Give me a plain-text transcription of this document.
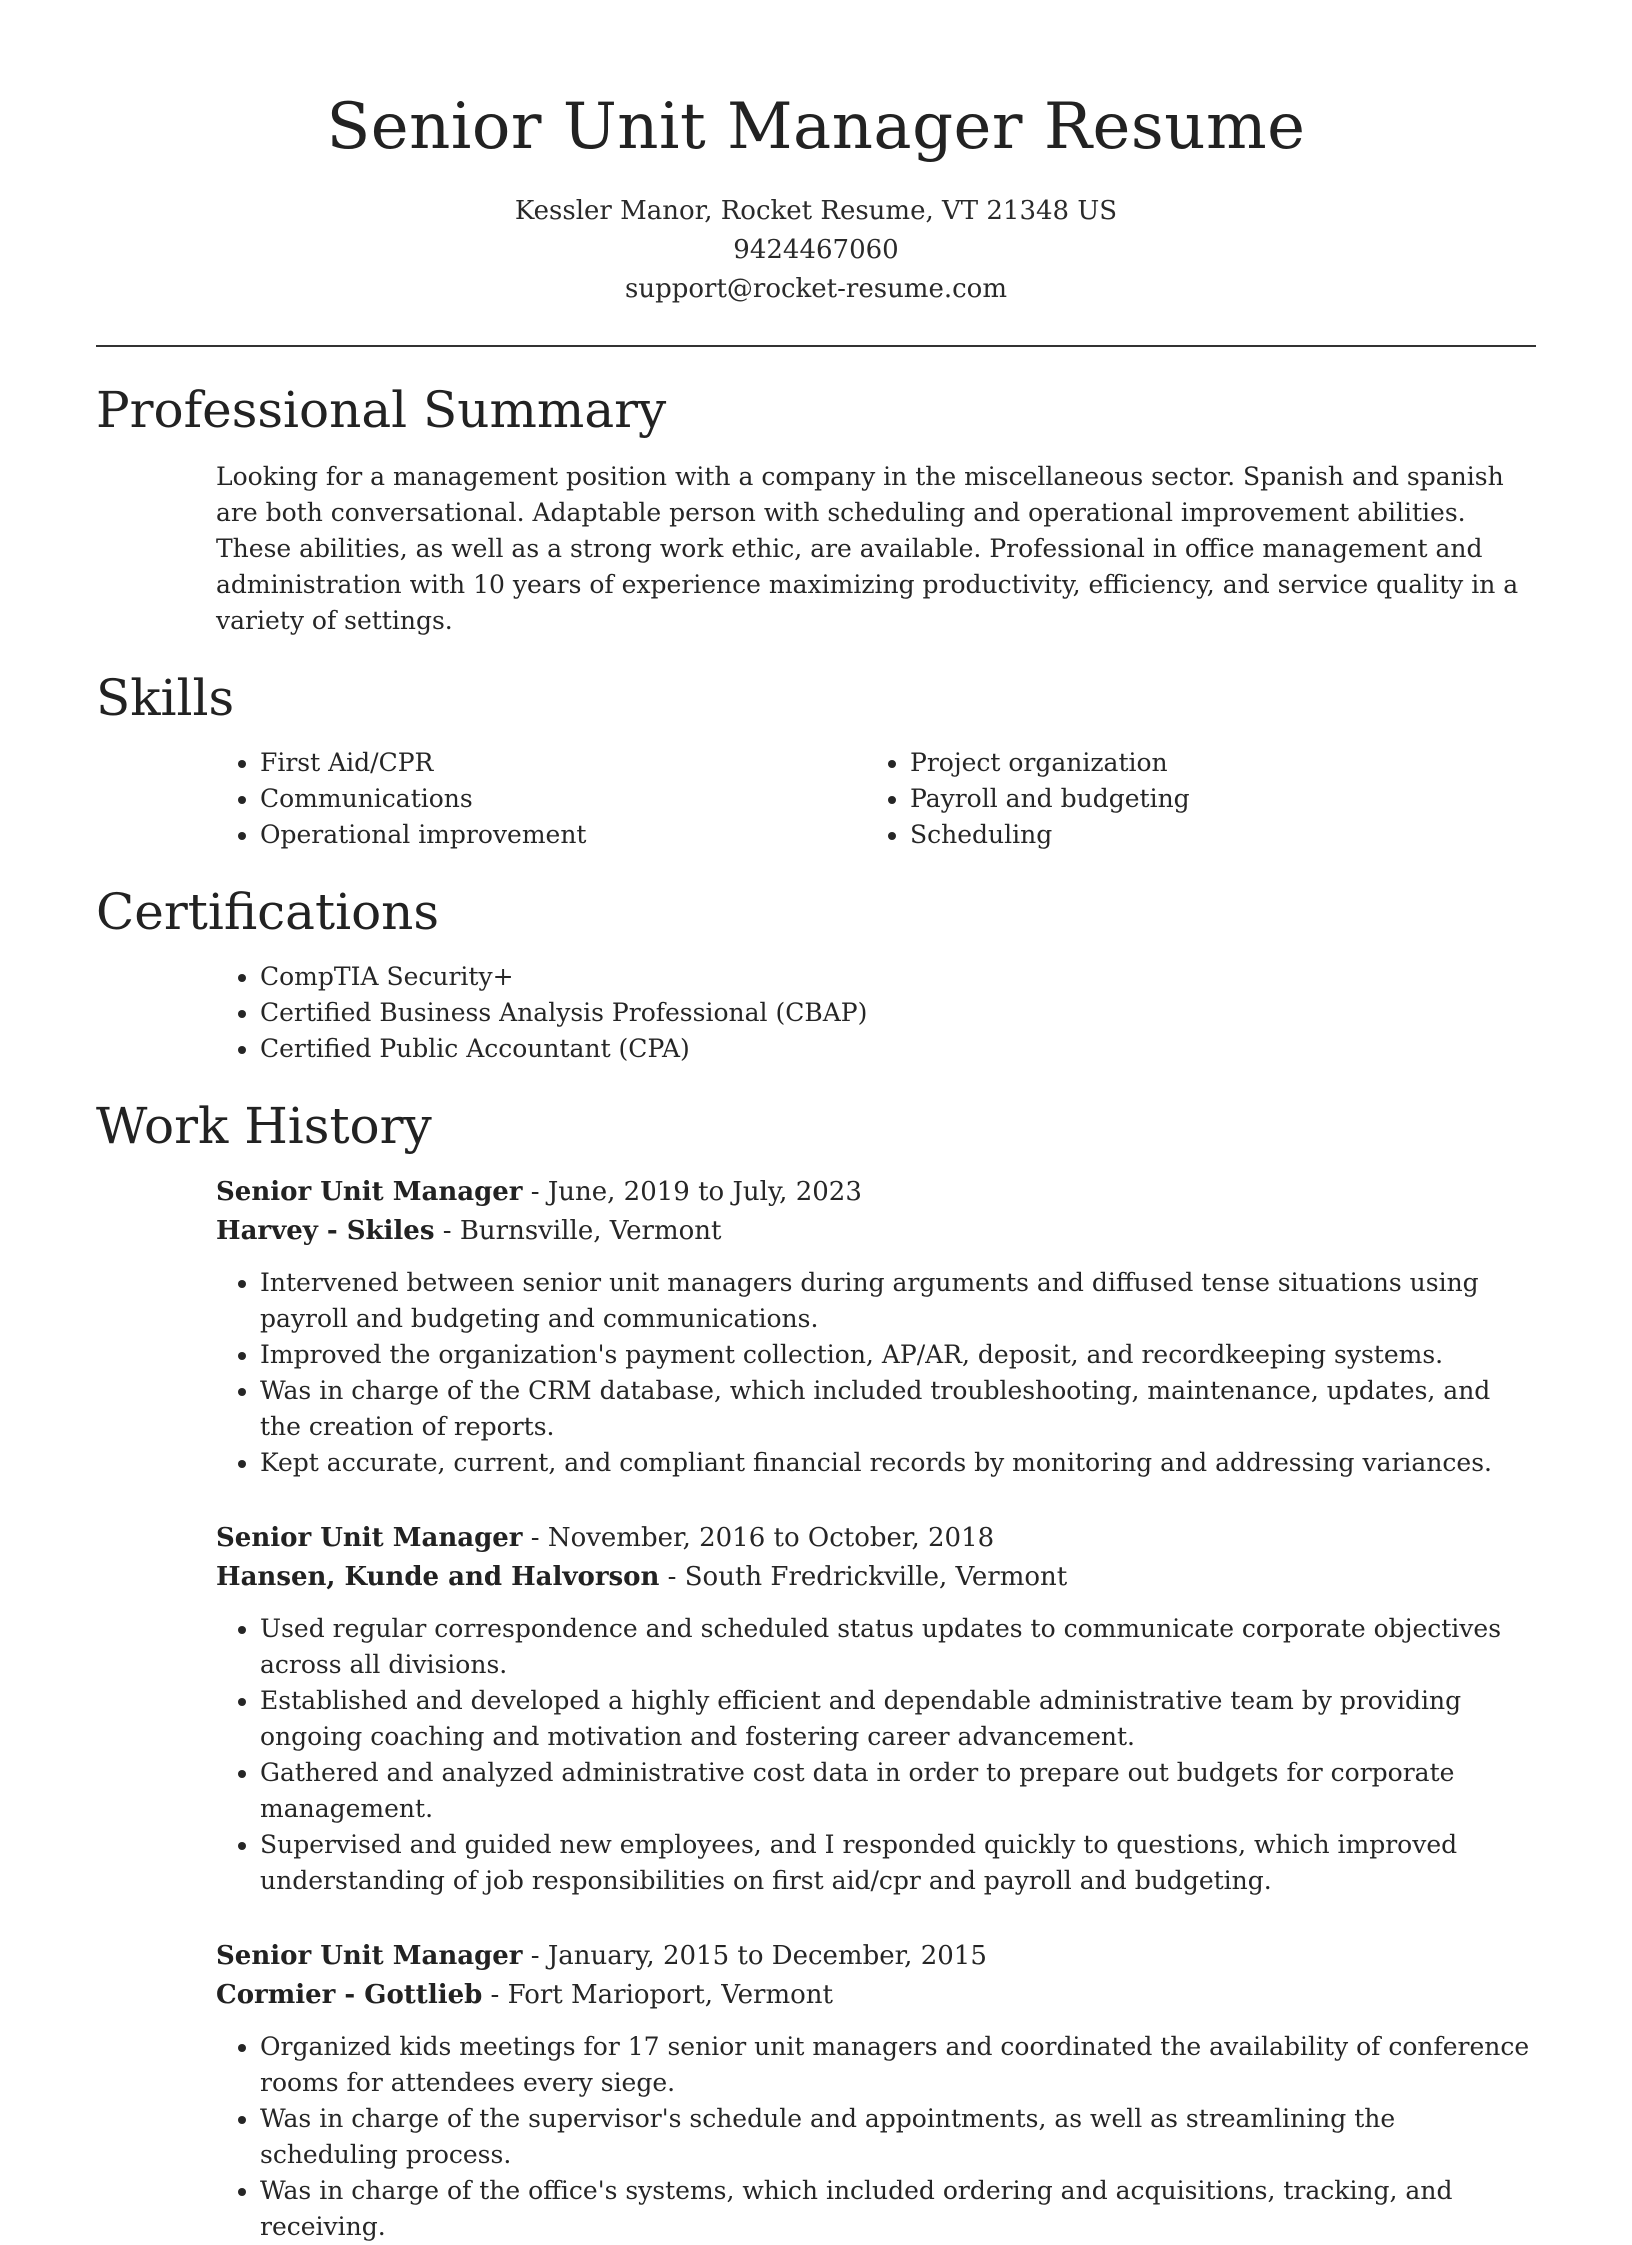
Senior Unit Manager Resume
Kessler Manor, Rocket Resume, VT 21348 US
9424467060
support@rocket-resume.com
Professional Summary

Looking for a management position with a company in the miscellaneous sector. Spanish and spanish are both conversational. Adaptable person with scheduling and operational improvement abilities. These abilities, as well as a strong work ethic, are available. Professional in office management and administration with 10 years of experience maximizing productivity, efficiency, and service quality in a variety of settings.

Skills
• First Aid/CPR
• Communications
• Operational improvement
• Project organization
• Payroll and budgeting
• Scheduling
Certifications
• CompTIA Security+
• Certified Business Analysis Professional (CBAP)
• Certified Public Accountant (CPA)
Work History
Senior Unit Manager - June, 2019 to July, 2023
Harvey - Skiles - Burnsville, Vermont
• Intervened between senior unit managers during arguments and diffused tense situations using payroll and budgeting and communications.
• Improved the organization's payment collection, AP/AR, deposit, and recordkeeping systems.
• Was in charge of the CRM database, which included troubleshooting, maintenance, updates, and the creation of reports.
• Kept accurate, current, and compliant financial records by monitoring and addressing variances.
Senior Unit Manager - November, 2016 to October, 2018
Hansen, Kunde and Halvorson - South Fredrickville, Vermont
• Used regular correspondence and scheduled status updates to communicate corporate objectives across all divisions.
• Established and developed a highly efficient and dependable administrative team by providing ongoing coaching and motivation and fostering career advancement.
• Gathered and analyzed administrative cost data in order to prepare out budgets for corporate management.
• Supervised and guided new employees, and I responded quickly to questions, which improved understanding of job responsibilities on first aid/cpr and payroll and budgeting.
Senior Unit Manager - January, 2015 to December, 2015
Cormier - Gottlieb - Fort Marioport, Vermont
• Organized kids meetings for 17 senior unit managers and coordinated the availability of conference rooms for attendees every siege.
• Was in charge of the supervisor's schedule and appointments, as well as streamlining the scheduling process.
• Was in charge of the office's systems, which included ordering and acquisitions, tracking, and receiving.
